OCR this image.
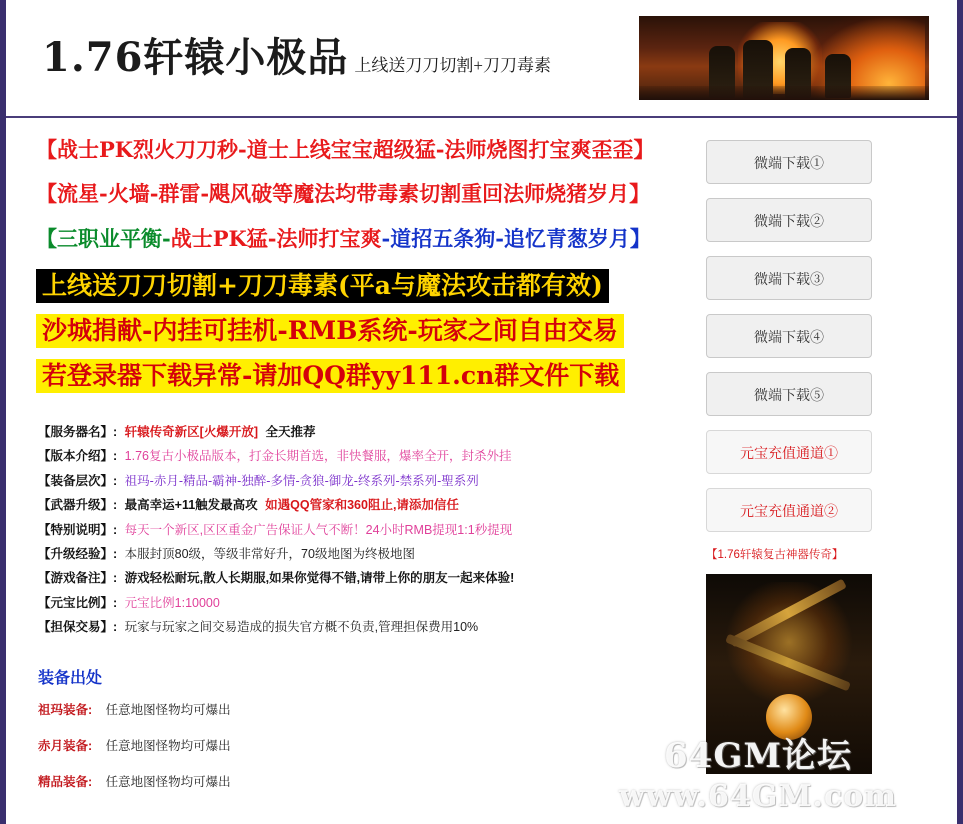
1.76轩辕小极品 上线送刀刀切割+刀刀毒素
【战士PK烈火刀刀秒-道士上线宝宝超级猛-法师烧图打宝爽歪歪】
【流星-火墙-群雷-飓风破等魔法均带毒素切割重回法师烧猪岁月】
【三职业平衡-战士PK猛-法师打宝爽-道招五条狗-追忆青葱岁月】
上线送刀刀切割+刀刀毒素(平a与魔法攻击都有效)
沙城捐献-内挂可挂机-RMB系统-玩家之间自由交易
若登录器下载异常-请加QQ群yy111.cn群文件下载
【服务器名】: 轩辕传奇新区[火爆开放] 全天推荐
【版本介绍】: 1.76复古小极品版本，打金长期首选，非快餐服，爆率全开，封杀外挂
【装备层次】: 祖玛-赤月-精品-霸神-独醉-多情-贪狼-御龙-终系列-禁系列-聖系列
【武器升级】: 最高幸运+11触发最高攻 如遇QQ管家和360阻止,请添加信任
【特别说明】: 每天一个新区,区区重金广告保证人气不断！24小时RMB提现1:1秒提现
【升级经验】: 本服封顶80级，等级非常好升，70级地图为终极地图
【游戏备注】: 游戏轻松耐玩,散人长期服,如果你觉得不错,请带上你的朋友一起来体验!
【元宝比例】: 元宝比例1:10000
【担保交易】: 玩家与玩家之间交易造成的损失官方概不负责,管理担保费用10%
装备出处
祖玛装备: 任意地图怪物均可爆出
赤月装备: 任意地图怪物均可爆出
精品装备: 任意地图怪物均可爆出
微端下载①
微端下载②
微端下载③
微端下载④
微端下载⑤
元宝充值通道①
元宝充值通道②
【1.76轩辕复古神器传奇】
64GM论坛
www.64GM.com
